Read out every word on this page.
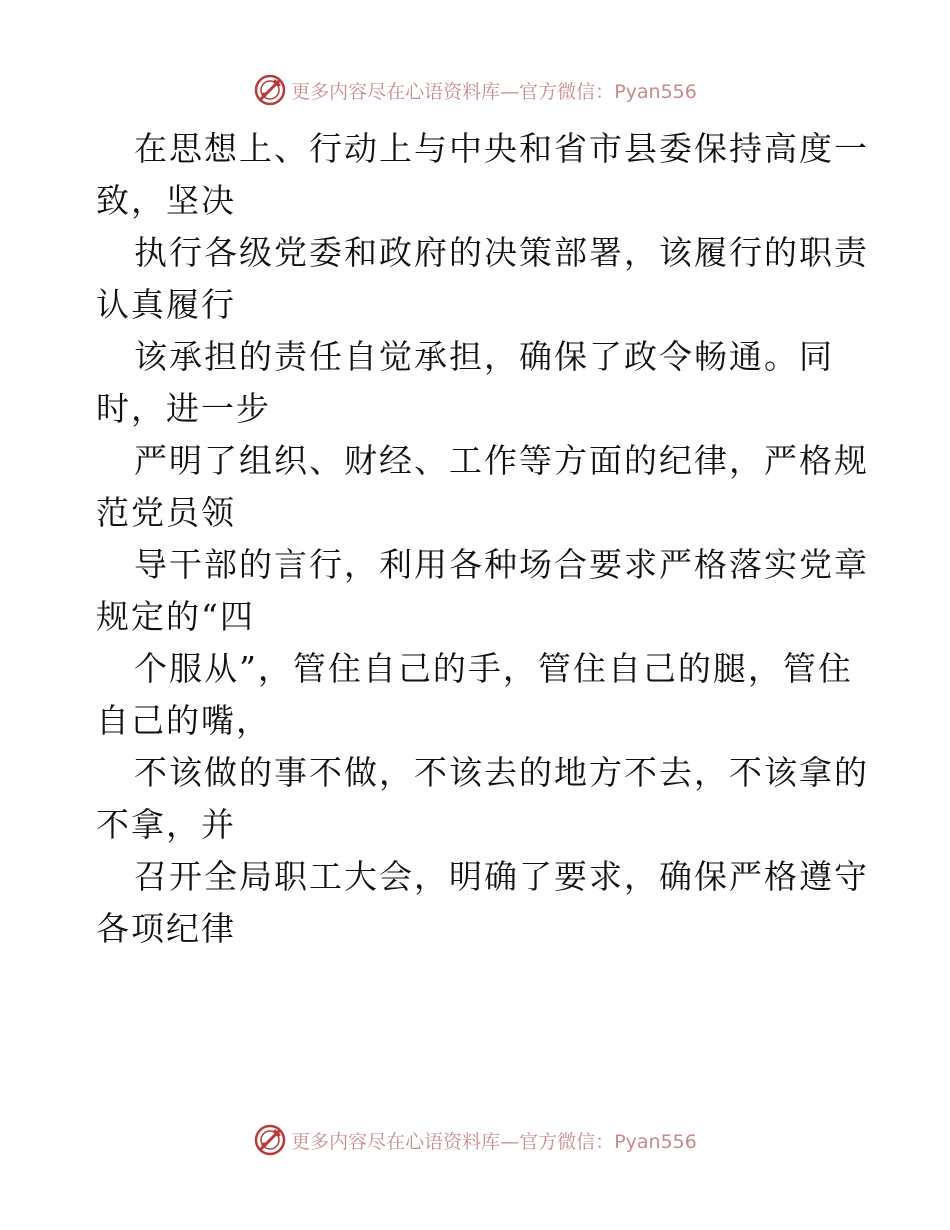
更多内容尽在心语资料库—官方微信：Pyan556
在思想上、行动上与中央和省市县委保持高度一
致，坚决
执行各级党委和政府的决策部署，该履行的职责
认真履行
该承担的责任自觉承担，确保了政令畅通。同
时，进一步
严明了组织、财经、工作等方面的纪律，严格规
范党员领
导干部的言行，利用各种场合要求严格落实党章
规定的“四
个服从”，管住自己的手，管住自己的腿，管住
自己的嘴，
不该做的事不做，不该去的地方不去，不该拿的
不拿，并
召开全局职工大会，明确了要求，确保严格遵守
各项纪律
更多内容尽在心语资料库—官方微信：Pyan556
